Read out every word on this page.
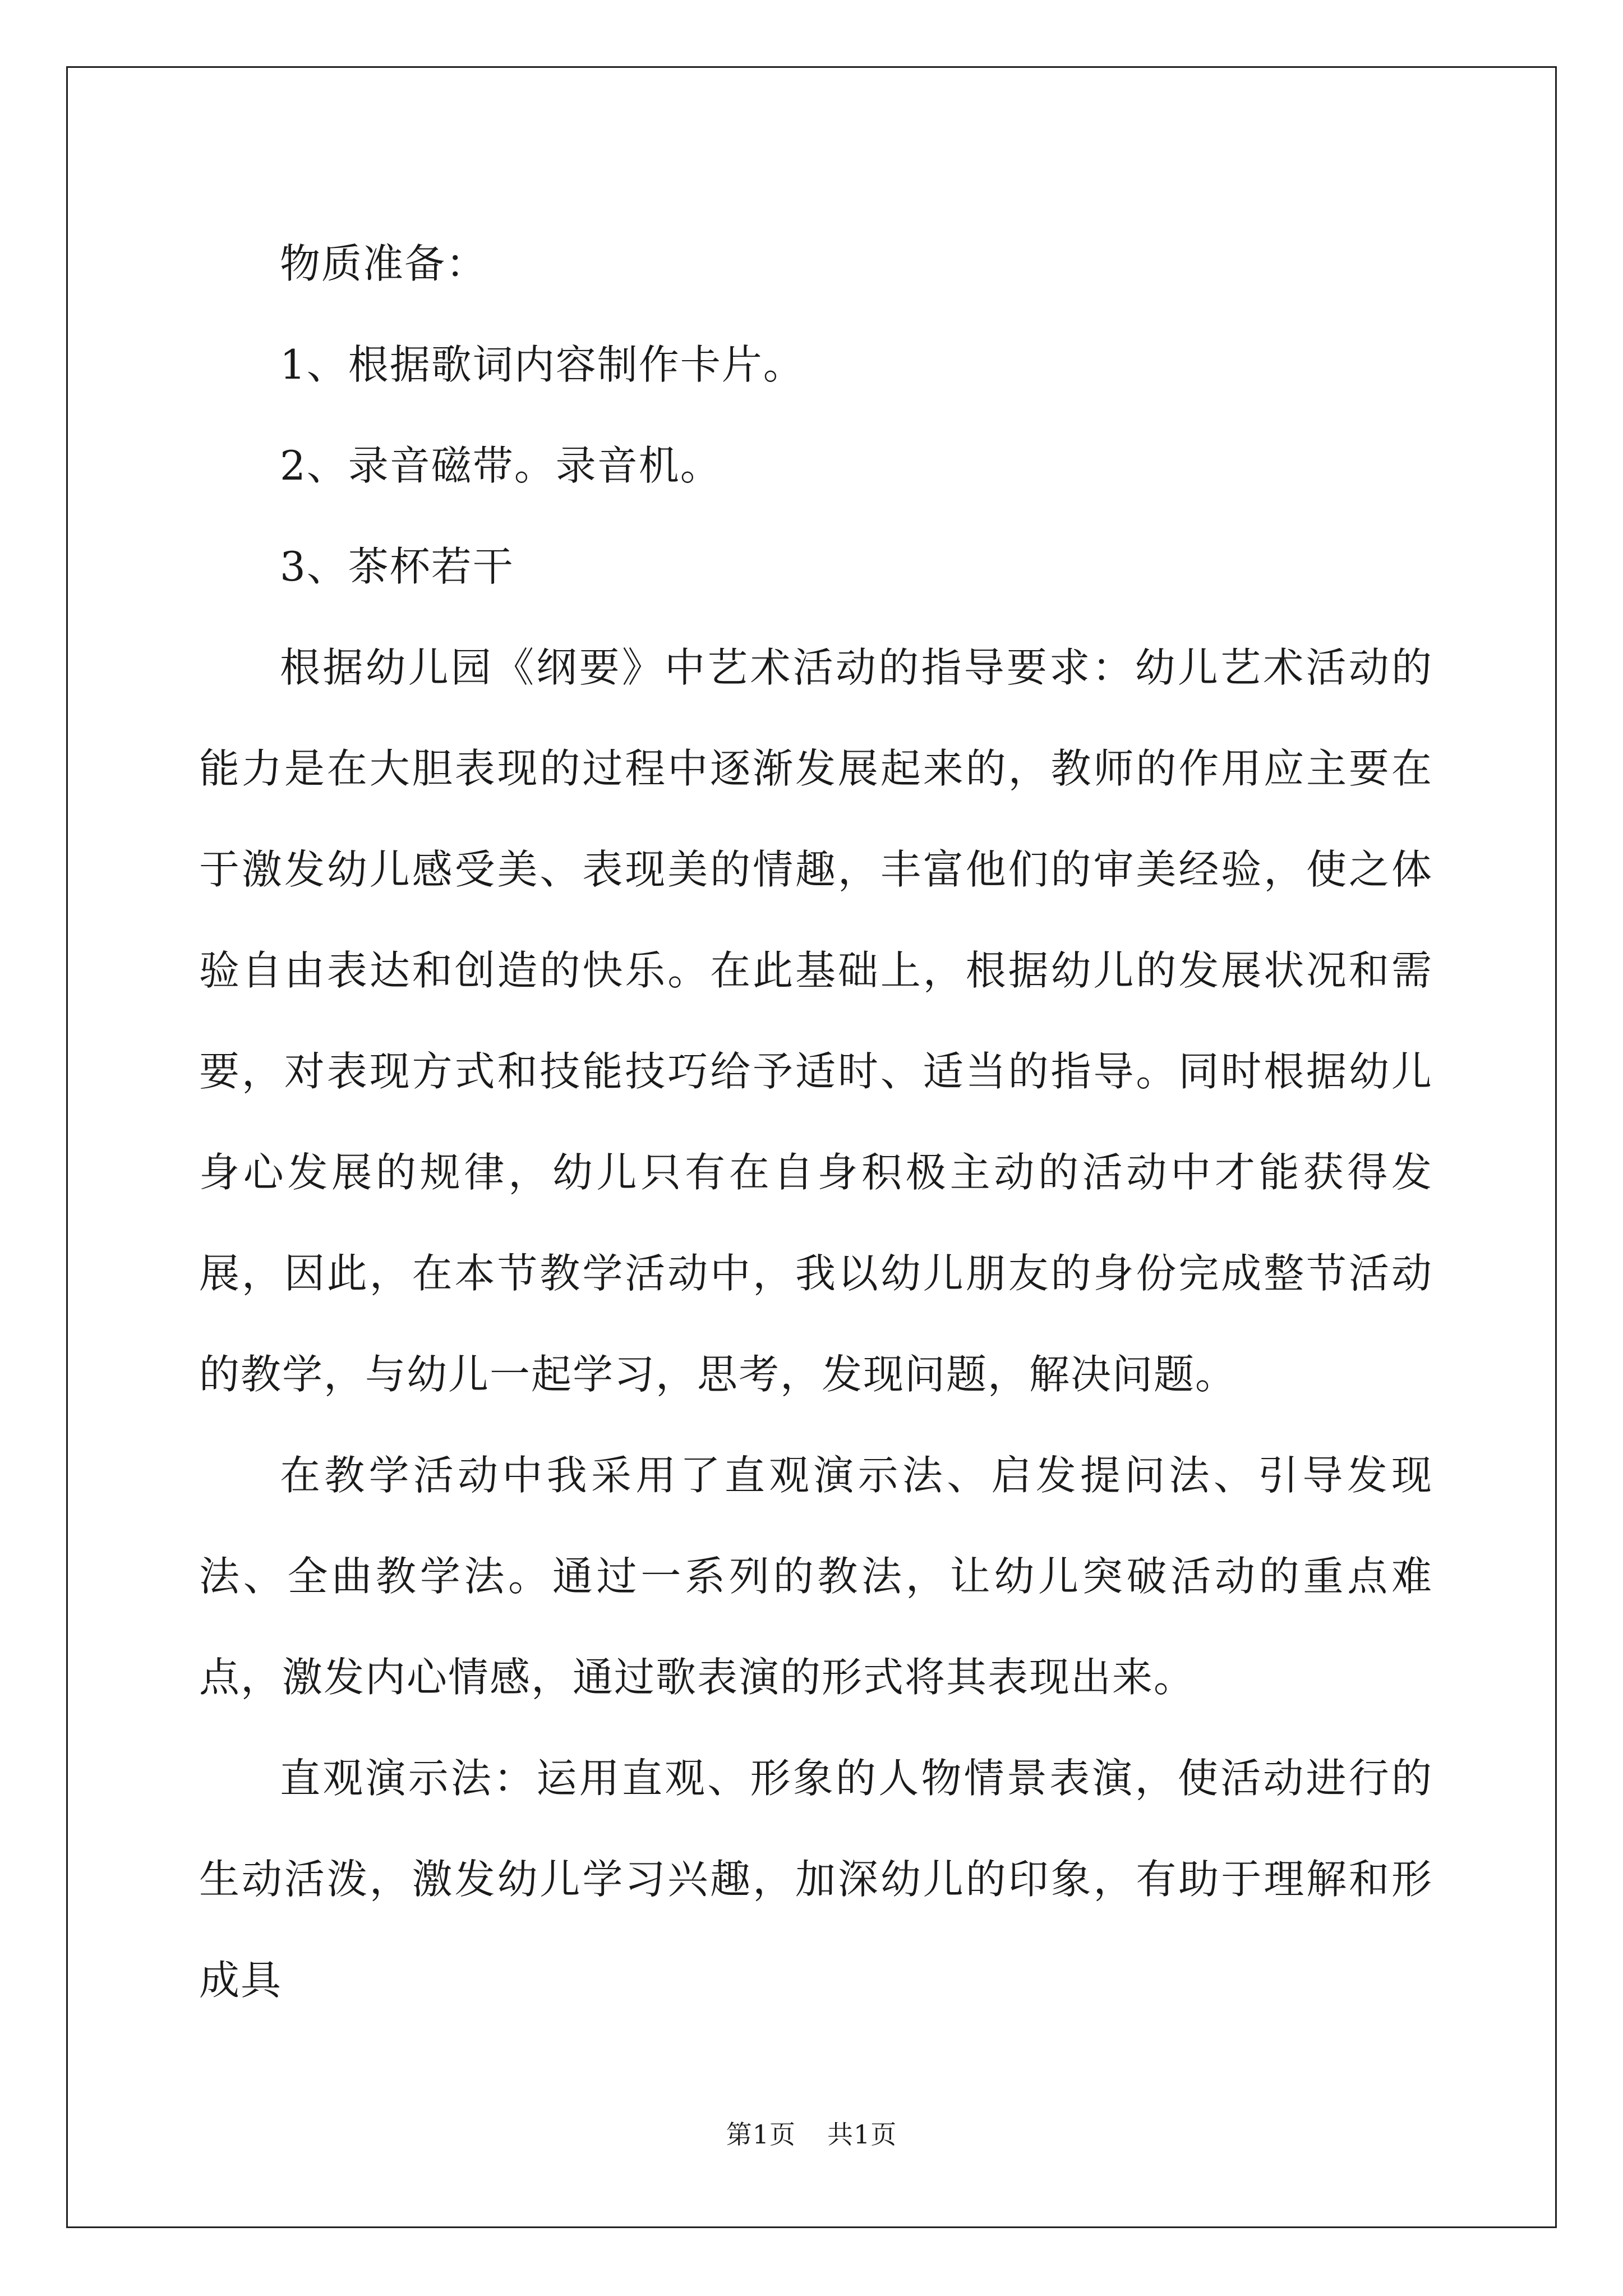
物质准备：

1、根据歌词内容制作卡片。

2、录音磁带。录音机。

3、茶杯若干

根据幼儿园《纲要》中艺术活动的指导要求：幼儿艺术活动的能力是在大胆表现的过程中逐渐发展起来的，教师的作用应主要在于激发幼儿感受美、表现美的情趣，丰富他们的审美经验，使之体验自由表达和创造的快乐。在此基础上，根据幼儿的发展状况和需要，对表现方式和技能技巧给予适时、适当的指导。同时根据幼儿身心发展的规律，幼儿只有在自身积极主动的活动中才能获得发展，因此，在本节教学活动中，我以幼儿朋友的身份完成整节活动的教学，与幼儿一起学习，思考，发现问题，解决问题。

在教学活动中我采用了直观演示法、启发提问法、引导发现法、全曲教学法。通过一系列的教法，让幼儿突破活动的重点难点，激发内心情感，通过歌表演的形式将其表现出来。

直观演示法：运用直观、形象的人物情景表演，使活动进行的生动活泼，激发幼儿学习兴趣，加深幼儿的印象，有助于理解和形成具

第1页 共1页
